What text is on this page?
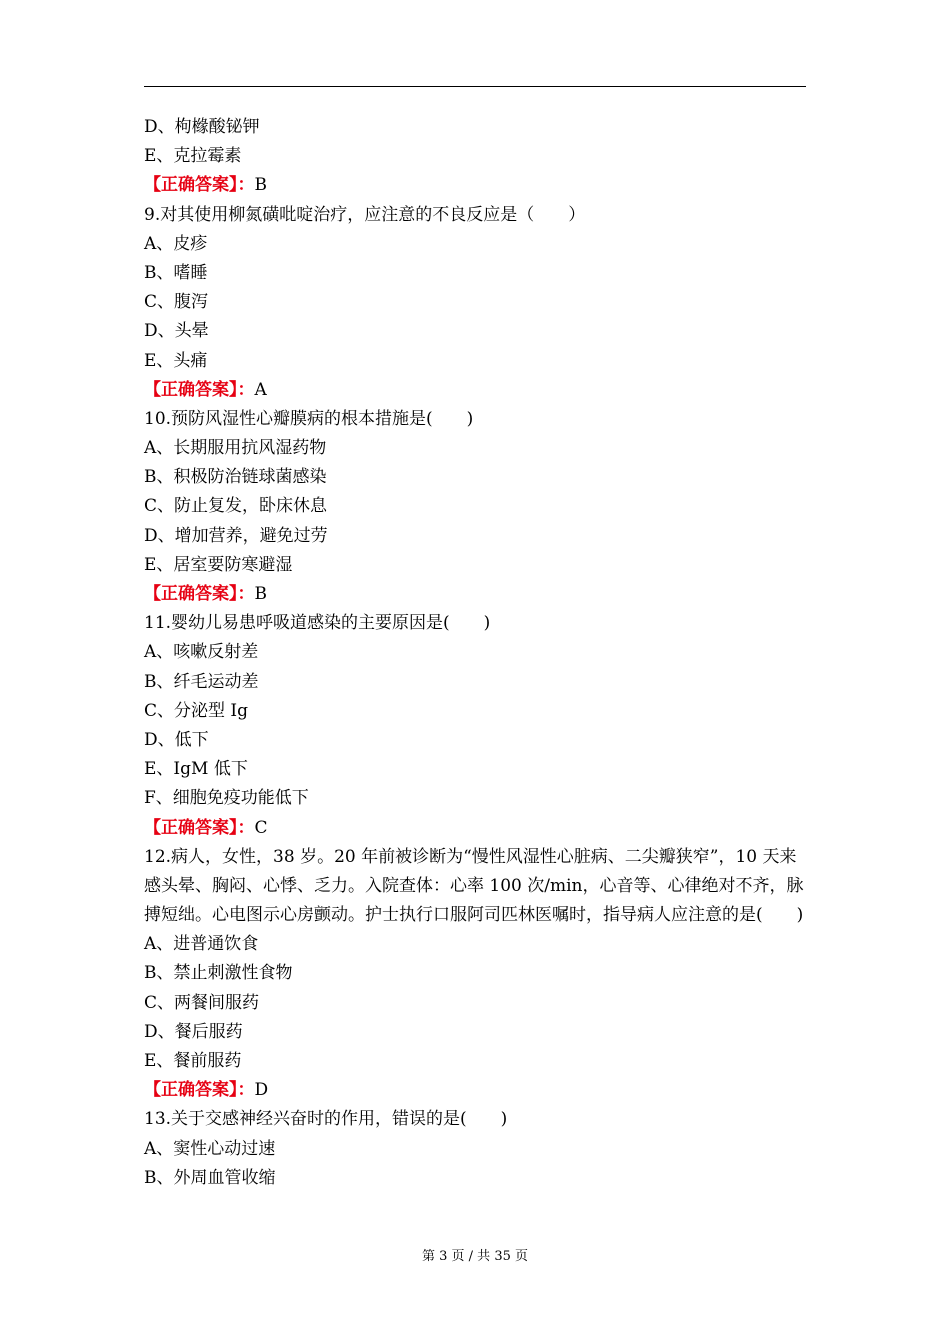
D、枸橼酸铋钾
E、克拉霉素
【正确答案】：B
9.对其使用柳氮磺吡啶治疗，应注意的不良反应是（　　）
A、皮疹
B、嗜睡
C、腹泻
D、头晕
E、头痛
【正确答案】：A
10.预防风湿性心瓣膜病的根本措施是(　　)
A、长期服用抗风湿药物
B、积极防治链球菌感染
C、防止复发，卧床休息
D、增加营养，避免过劳
E、居室要防寒避湿
【正确答案】：B
11.婴幼儿易患呼吸道感染的主要原因是(　　)
A、咳嗽反射差
B、纤毛运动差
C、分泌型 Ig
D、低下
E、IgM 低下
F、细胞免疫功能低下
【正确答案】：C
12.病人，女性，38 岁。20 年前被诊断为“慢性风湿性心脏病、二尖瓣狭窄”，10 天来感头晕、胸闷、心悸、乏力。入院查体：心率 100 次/min，心音等、心律绝对不齐，脉搏短绌。心电图示心房颤动。护士执行口服阿司匹林医嘱时，指导病人应注意的是(　　)
A、进普通饮食
B、禁止刺激性食物
C、两餐间服药
D、餐后服药
E、餐前服药
【正确答案】：D
13.关于交感神经兴奋时的作用，错误的是(　　)
A、窦性心动过速
B、外周血管收缩
第 3 页 / 共 35 页
